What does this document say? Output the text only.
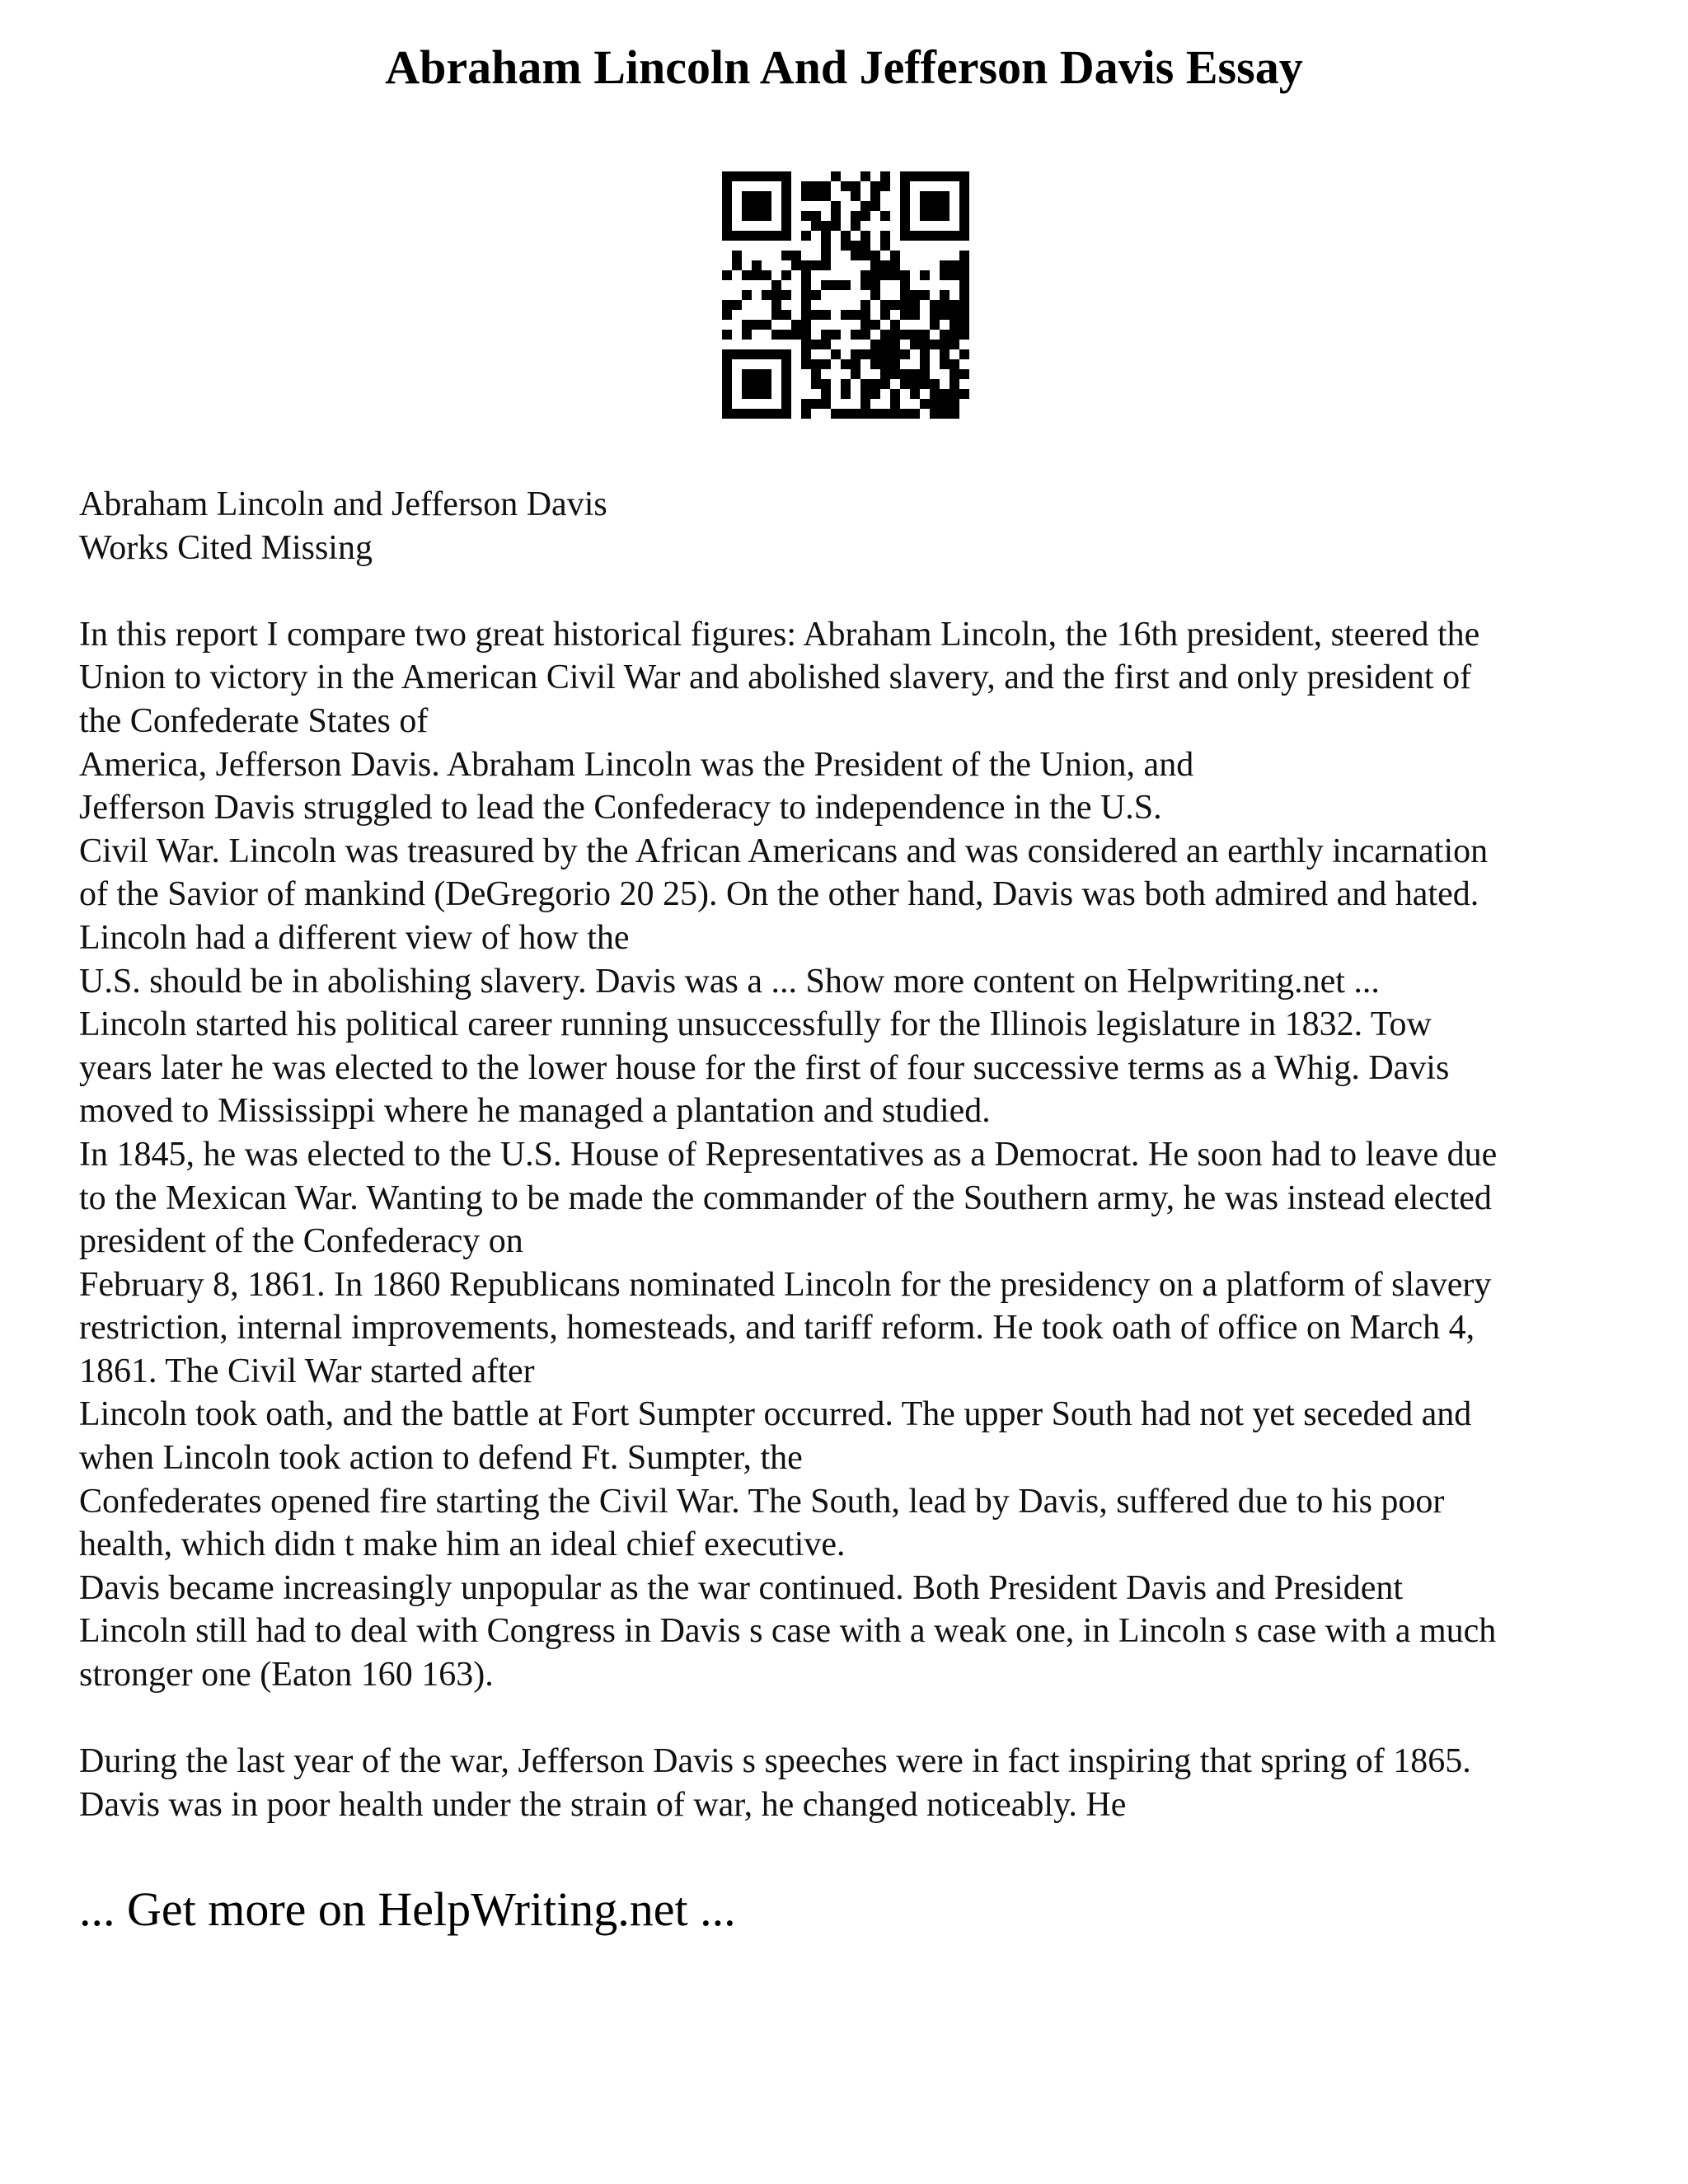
Abraham Lincoln And Jefferson Davis Essay
Abraham Lincoln and Jefferson Davis
Works Cited Missing

In this report I compare two great historical figures: Abraham Lincoln, the 16th president, steered the
Union to victory in the American Civil War and abolished slavery, and the first and only president of
the Confederate States of
America, Jefferson Davis. Abraham Lincoln was the President of the Union, and
Jefferson Davis struggled to lead the Confederacy to independence in the U.S.
Civil War. Lincoln was treasured by the African Americans and was considered an earthly incarnation
of the Savior of mankind (DeGregorio 20 25). On the other hand, Davis was both admired and hated.
Lincoln had a different view of how the
U.S. should be in abolishing slavery. Davis was a ... Show more content on Helpwriting.net ...
Lincoln started his political career running unsuccessfully for the Illinois legislature in 1832. Tow
years later he was elected to the lower house for the first of four successive terms as a Whig. Davis
moved to Mississippi where he managed a plantation and studied.
In 1845, he was elected to the U.S. House of Representatives as a Democrat. He soon had to leave due
to the Mexican War. Wanting to be made the commander of the Southern army, he was instead elected
president of the Confederacy on
February 8, 1861. In 1860 Republicans nominated Lincoln for the presidency on a platform of slavery
restriction, internal improvements, homesteads, and tariff reform. He took oath of office on March 4,
1861. The Civil War started after
Lincoln took oath, and the battle at Fort Sumpter occurred. The upper South had not yet seceded and
when Lincoln took action to defend Ft. Sumpter, the
Confederates opened fire starting the Civil War. The South, lead by Davis, suffered due to his poor
health, which didn t make him an ideal chief executive.
Davis became increasingly unpopular as the war continued. Both President Davis and President
Lincoln still had to deal with Congress in Davis s case with a weak one, in Lincoln s case with a much
stronger one (Eaton 160 163).

During the last year of the war, Jefferson Davis s speeches were in fact inspiring that spring of 1865.
Davis was in poor health under the strain of war, he changed noticeably. He
... Get more on HelpWriting.net ...
